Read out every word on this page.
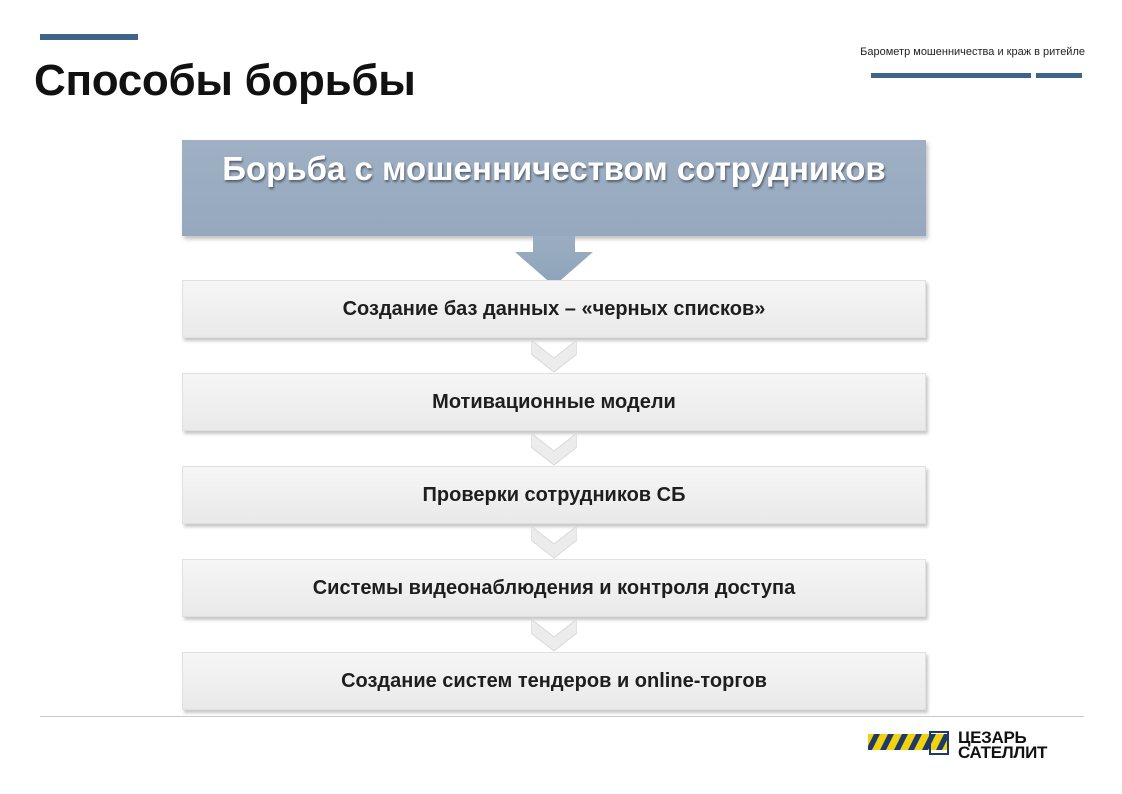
Способы борьбы
Барометр мошенничества и краж в ритейле
Борьба с мошенничеством сотрудников
Создание баз данных – «черных списков»
Мотивационные модели
Проверки сотрудников СБ
Системы видеонаблюдения и контроля доступа
Создание систем тендеров и online-торгов
ЦЕЗАРЬ
САТЕЛЛИТ
